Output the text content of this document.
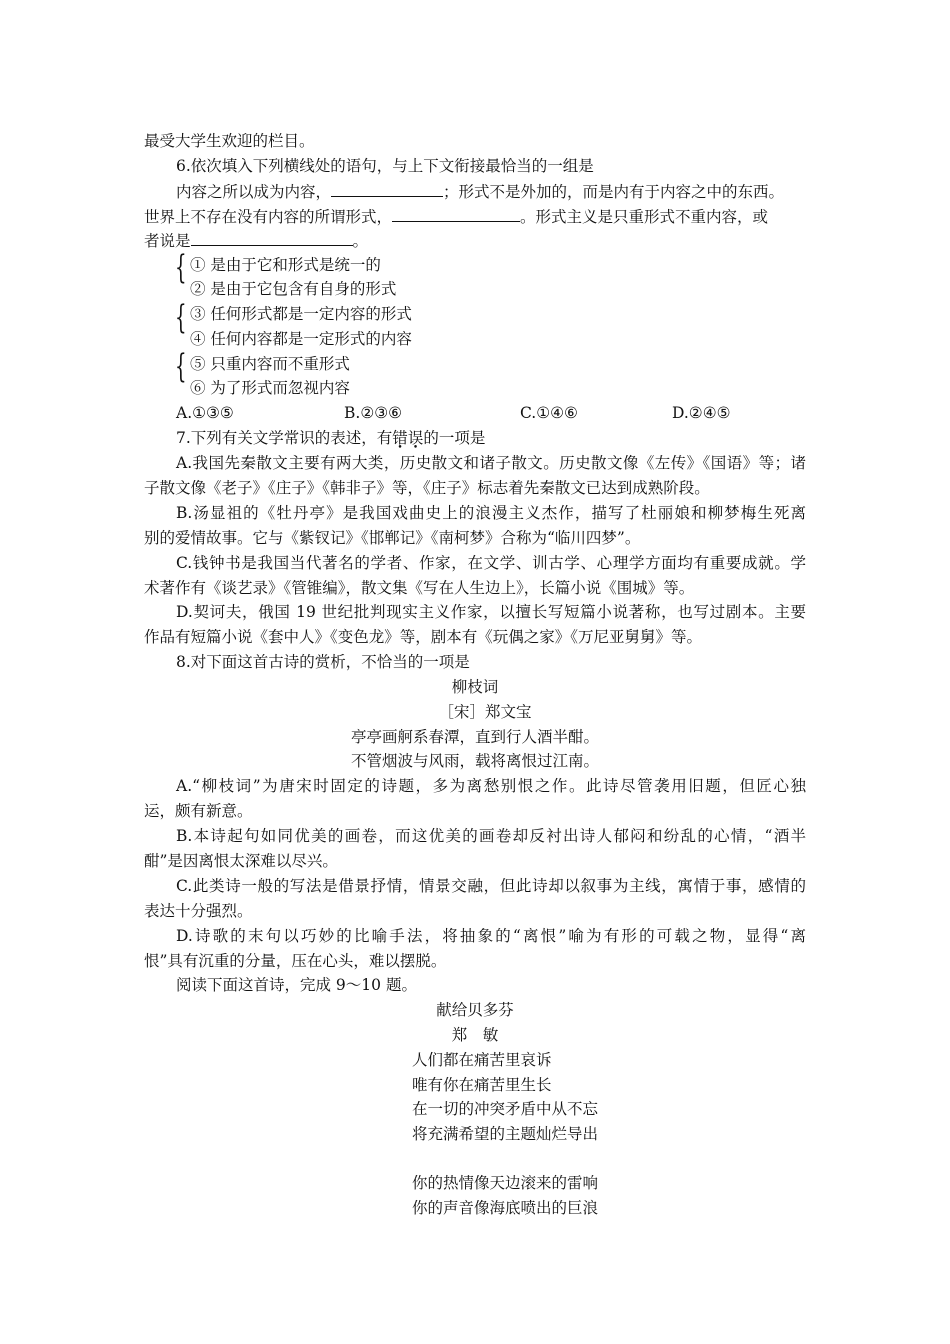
最受大学生欢迎的栏目。
6.依次填入下列横线处的语句，与上下文衔接最恰当的一组是
内容之所以成为内容，	；形式不是外加的，而是内有于内容之中的东西。
世界上不存在没有内容的所谓形式，	。形式主义是只重形式不重内容，或
者说是	。
{ ① 是由于它和形式是统一的
② 是由于它包含有自身的形式
{ ③ 任何形式都是一定内容的形式
④ 任何内容都是一定形式的内容
{ ⑤ 只重内容而不重形式
⑥ 为了形式而忽视内容
A.①③⑤	B.②③⑥	C.①④⑥	D.②④⑤
7.下列有关文学常识的表述，有错误的一项是
A.我国先秦散文主要有两大类，历史散文和诸子散文。历史散文像《左传》《国语》等；诸
子散文像《老子》《庄子》《韩非子》等，《庄子》标志着先秦散文已达到成熟阶段。
B.汤显祖的《牡丹亭》是我国戏曲史上的浪漫主义杰作，描写了杜丽娘和柳梦梅生死离
别的爱情故事。它与《紫钗记》《邯郸记》《南柯梦》合称为“临川四梦”。
C.钱钟书是我国当代著名的学者、作家，在文学、训古学、心理学方面均有重要成就。学
术著作有《谈艺录》《管锥编》，散文集《写在人生边上》，长篇小说《围城》等。
D.契诃夫，俄国 19 世纪批判现实主义作家，以擅长写短篇小说著称，也写过剧本。主要
作品有短篇小说《套中人》《变色龙》等，剧本有《玩偶之家》《万尼亚舅舅》等。
8.对下面这首古诗的赏析，不恰当的一项是
柳枝词
［宋］郑文宝
亭亭画舸系春潭，直到行人酒半酣。
不管烟波与风雨，载将离恨过江南。
A.“柳枝词”为唐宋时固定的诗题，多为离愁别恨之作。此诗尽管袭用旧题，但匠心独
运，颇有新意。
B.本诗起句如同优美的画卷，而这优美的画卷却反衬出诗人郁闷和纷乱的心情，“酒半
酣”是因离恨太深难以尽兴。
C.此类诗一般的写法是借景抒情，情景交融，但此诗却以叙事为主线，寓情于事，感情的
表达十分强烈。
D.诗歌的末句以巧妙的比喻手法，将抽象的“离恨”喻为有形的可载之物，显得“离
恨”具有沉重的分量，压在心头，难以摆脱。
阅读下面这首诗，完成 9～10 题。
献给贝多芬
郑　敏
人们都在痛苦里哀诉
唯有你在痛苦里生长
在一切的冲突矛盾中从不忘
将充满希望的主题灿烂导出
你的热情像天边滚来的雷响
你的声音像海底喷出的巨浪
